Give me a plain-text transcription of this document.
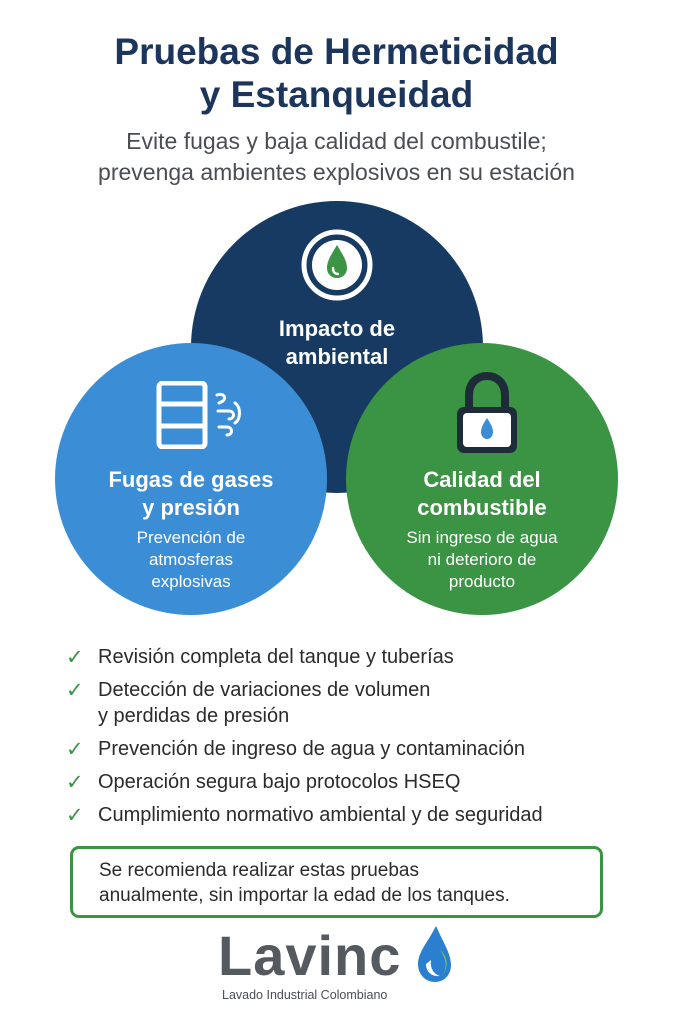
Pruebas de Hermeticidad
y Estanqueidad
Evite fugas y baja calidad del combustile;
prevenga ambientes explosivos en su estación
Impacto de
ambiental
Fugas de gases
y presión
Prevención de
atmosferas
explosivas
Calidad del
combustible
Sin ingreso de agua
ni deterioro de
producto
✓ Revisión completa del tanque y tuberías
✓ Detección de variaciones de volumen
y perdidas de presión
✓ Prevención de ingreso de agua y contaminación
✓ Operación segura bajo protocolos HSEQ
✓ Cumplimiento normativo ambiental y de seguridad
Se recomienda realizar estas pruebas
anualmente, sin importar la edad de los tanques.
Lavinc
Lavado Industrial Colombiano
